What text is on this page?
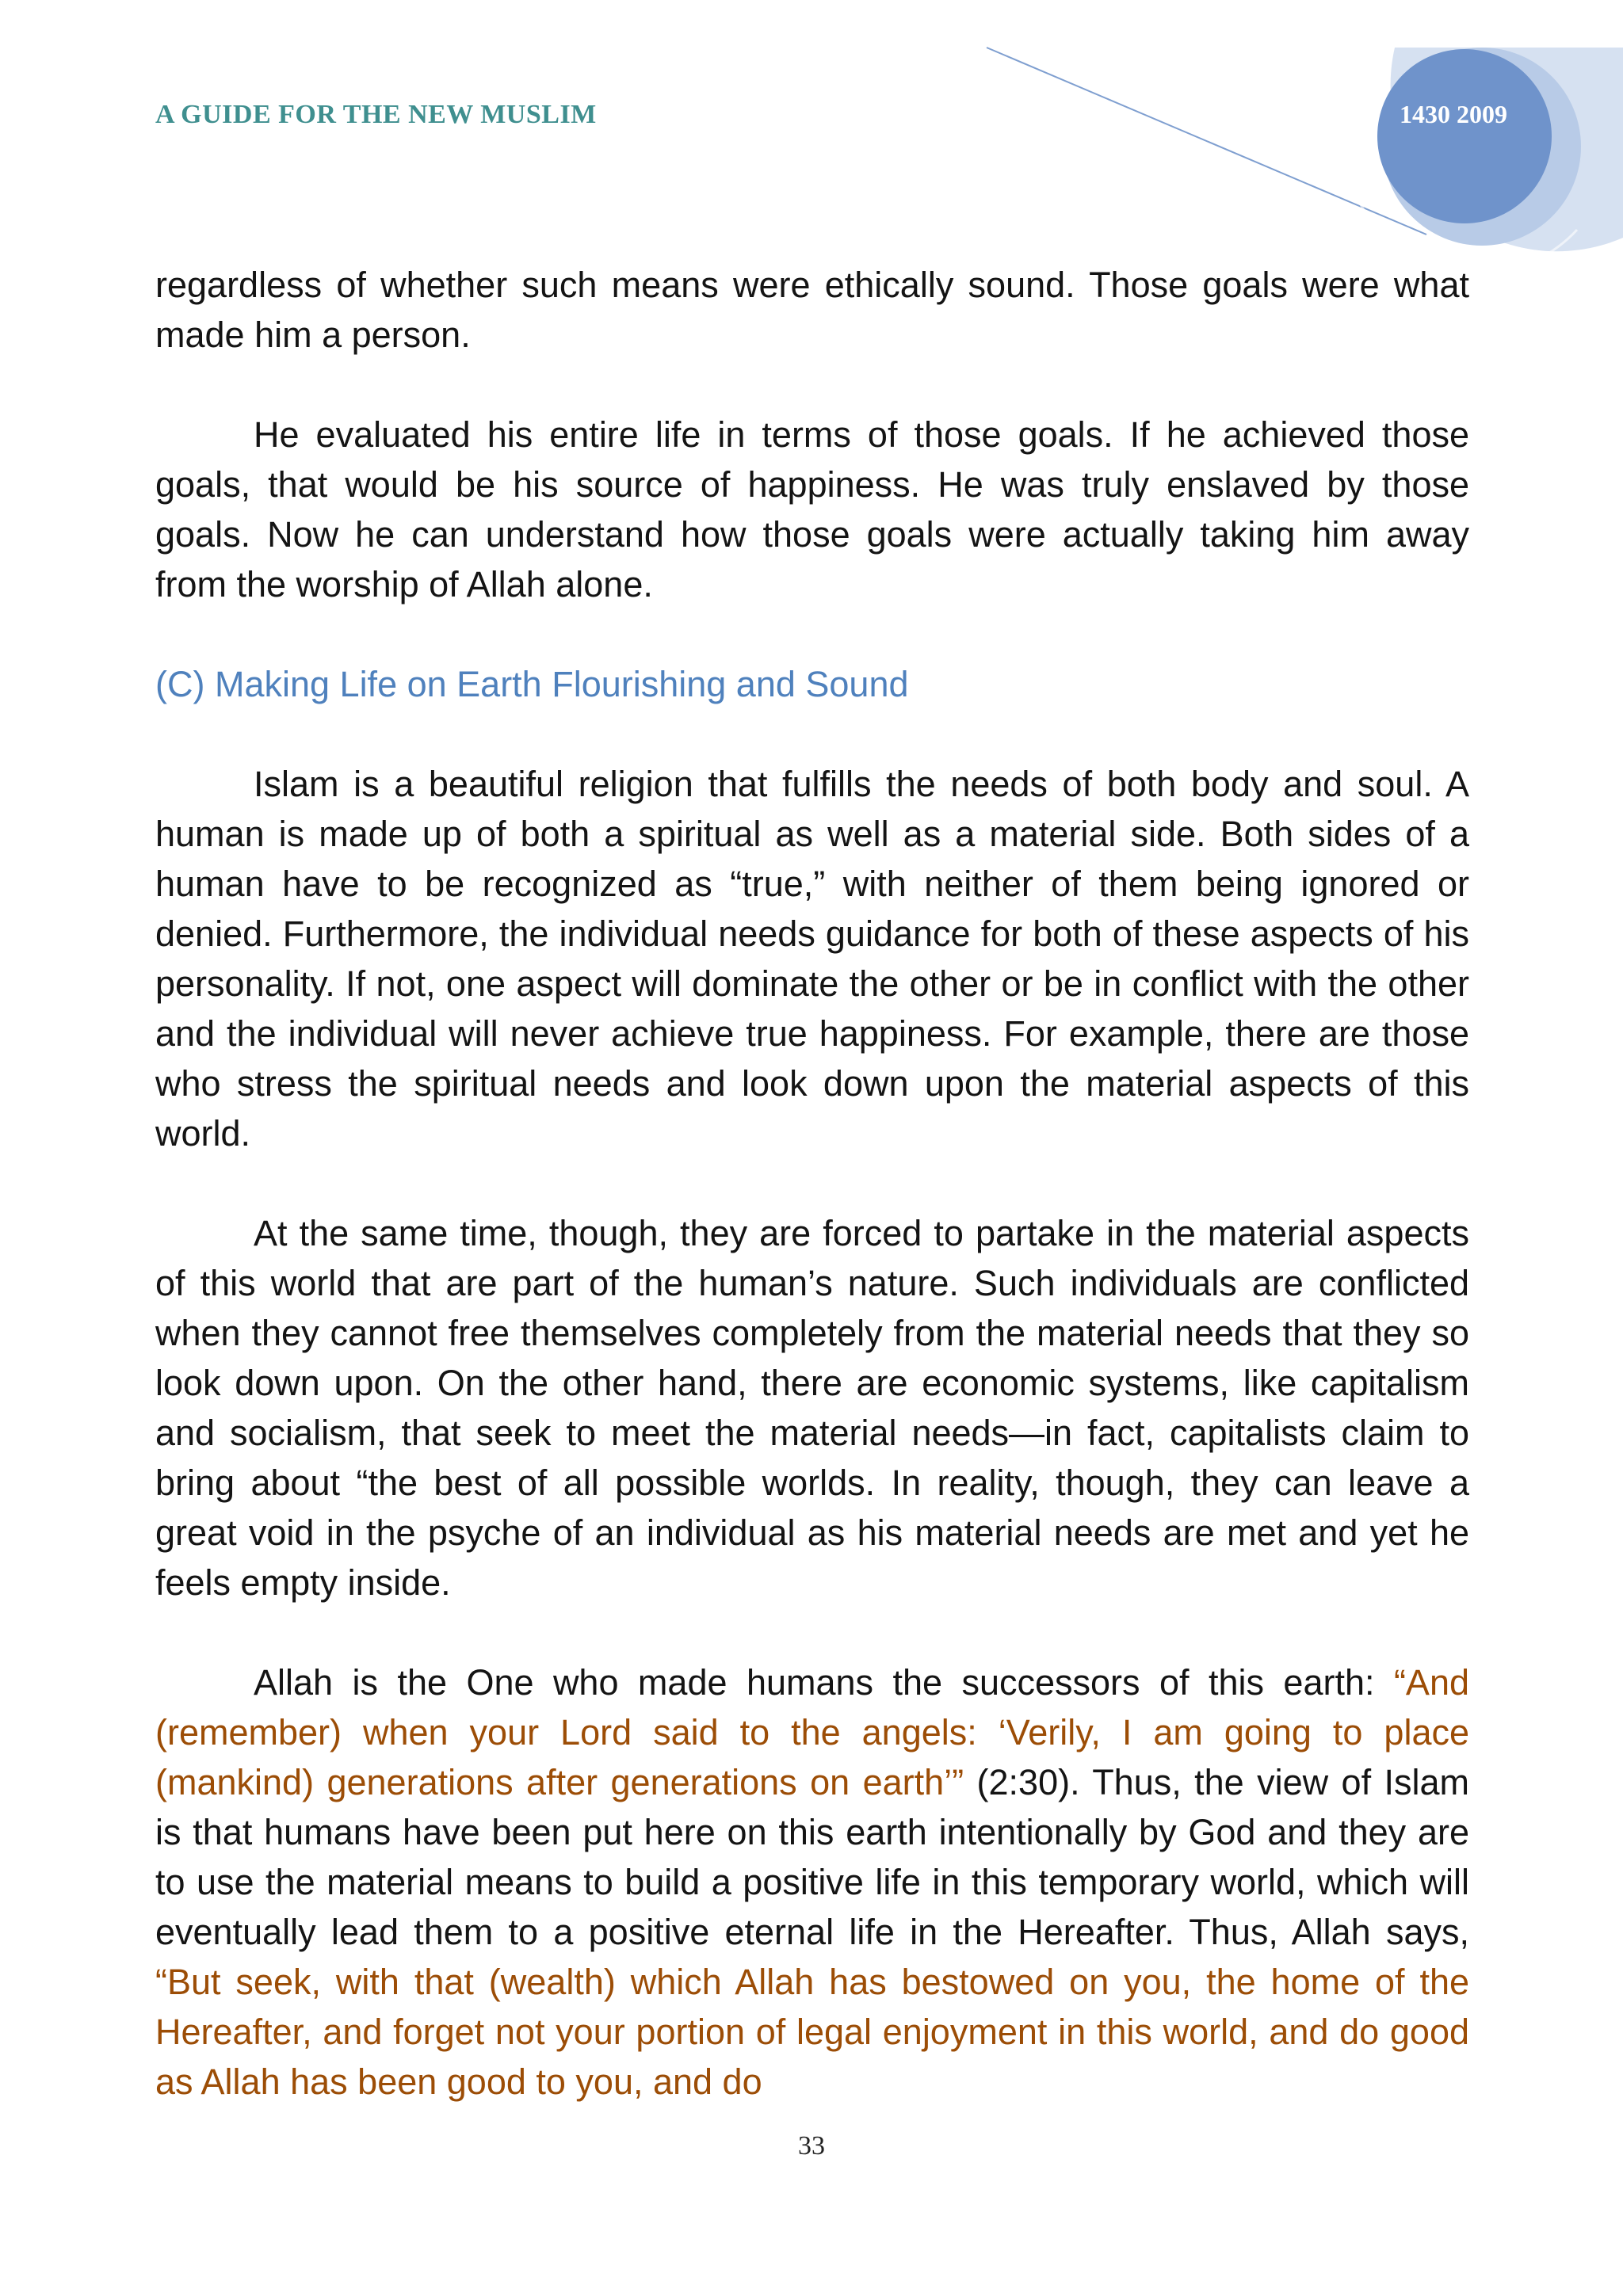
A GUIDE FOR THE NEW MUSLIM	1430 2009

regardless of whether such means were ethically sound. Those goals were what made him a person.

He evaluated his entire life in terms of those goals. If he achieved those goals, that would be his source of happiness. He was truly enslaved by those goals. Now he can understand how those goals were actually taking him away from the worship of Allah alone.

(C) Making Life on Earth Flourishing and Sound

Islam is a beautiful religion that fulfills the needs of both body and soul. A human is made up of both a spiritual as well as a material side. Both sides of a human have to be recognized as “true,” with neither of them being ignored or denied. Furthermore, the individual needs guidance for both of these aspects of his personality. If not, one aspect will dominate the other or be in conflict with the other and the individual will never achieve true happiness. For example, there are those who stress the spiritual needs and look down upon the material aspects of this world.

At the same time, though, they are forced to partake in the material aspects of this world that are part of the human’s nature. Such individuals are conflicted when they cannot free themselves completely from the material needs that they so look down upon. On the other hand, there are economic systems, like capitalism and socialism, that seek to meet the material needs—in fact, capitalists claim to bring about “the best of all possible worlds. In reality, though, they can leave a great void in the psyche of an individual as his material needs are met and yet he feels empty inside.

Allah is the One who made humans the successors of this earth: “And (remember) when your Lord said to the angels: ‘Verily, I am going to place (mankind) generations after generations on earth’” (2:30). Thus, the view of Islam is that humans have been put here on this earth intentionally by God and they are to use the material means to build a positive life in this temporary world, which will eventually lead them to a positive eternal life in the Hereafter. Thus, Allah says, “But seek, with that (wealth) which Allah has bestowed on you, the home of the Hereafter, and forget not your portion of legal enjoyment in this world, and do good as Allah has been good to you, and do

33
